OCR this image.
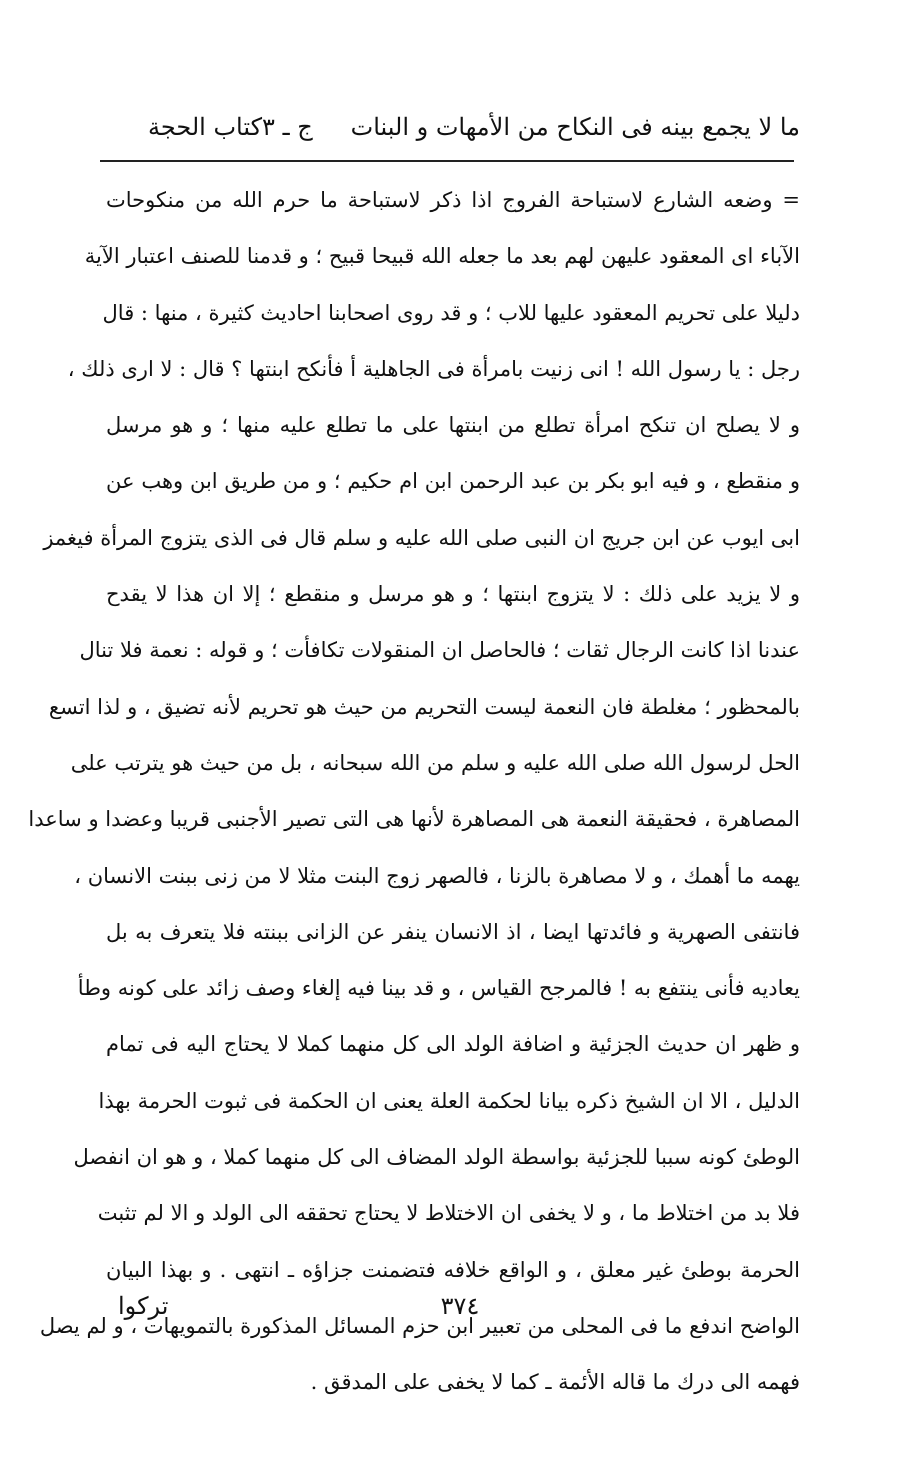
ما لا يجمع بينه فى النكاح من الأمهات و البنات
ج ـ ٣
كتاب الحجة
= وضعه الشارع لاستباحة الفروج اذا ذكر لاستباحة ما حرم الله من منكوحات
الآباء اى المعقود عليهن لهم بعد ما جعله الله قبيحا قبيح ؛ و قدمنا للصنف اعتبار الآية
دليلا على تحريم المعقود عليها للاب ؛ و قد روى اصحابنا احاديث كثيرة ، منها : قال
رجل : يا رسول الله ! انى زنيت بامرأة فى الجاهلية أ فأنكح ابنتها ؟ قال : لا ارى ذلك ،
و لا يصلح ان تنكح امرأة تطلع من ابنتها على ما تطلع عليه منها ؛ و هو مرسل
و منقطع ، و فيه ابو بكر بن عبد الرحمن ابن ام حكيم ؛ و من طريق ابن وهب عن
ابى ايوب عن ابن جريج ان النبى صلى الله عليه و سلم قال فى الذى يتزوج المرأة فيغمز
و لا يزيد على ذلك : لا يتزوج ابنتها ؛ و هو مرسل و منقطع ؛ إلا ان هذا لا يقدح
عندنا اذا كانت الرجال ثقات ؛ فالحاصل ان المنقولات تكافأت ؛ و قوله : نعمة فلا تنال
بالمحظور ؛ مغلطة فان النعمة ليست التحريم من حيث هو تحريم لأنه تضيق ، و لذا اتسع
الحل لرسول الله صلى الله عليه و سلم من الله سبحانه ، بل من حيث هو يترتب على
المصاهرة ، فحقيقة النعمة هى المصاهرة لأنها هى التى تصير الأجنبى قريبا وعضدا و ساعدا
يهمه ما أهمك ، و لا مصاهرة بالزنا ، فالصهر زوج البنت مثلا لا من زنى ببنت الانسان ،
فانتفى الصهرية و فائدتها ايضا ، اذ الانسان ينفر عن الزانى ببنته فلا يتعرف به بل
يعاديه فأنى ينتفع به ! فالمرجح القياس ، و قد بينا فيه إلغاء وصف زائد على كونه وطأ
و ظهر ان حديث الجزئية و اضافة الولد الى كل منهما كملا لا يحتاج اليه فى تمام
الدليل ، الا ان الشيخ ذكره بيانا لحكمة العلة يعنى ان الحكمة فى ثبوت الحرمة بهذا
الوطئ كونه سببا للجزئية بواسطة الولد المضاف الى كل منهما كملا ، و هو ان انفصل
فلا بد من اختلاط ما ، و لا يخفى ان الاختلاط لا يحتاج تحققه الى الولد و الا لم تثبت
الحرمة بوطئ غير معلق ، و الواقع خلافه فتضمنت جزاؤه ـ انتهى . و بهذا البيان
الواضح اندفع ما فى المحلى من تعبير ابن حزم المسائل المذكورة بالتمويهات ، و لم يصل
فهمه الى درك ما قاله الأئمة ـ كما لا يخفى على المدقق .
٣٧٤
تركوا
